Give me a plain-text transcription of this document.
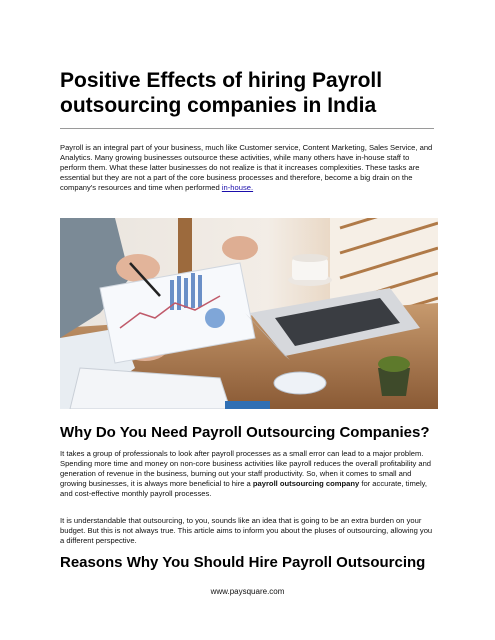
Positive Effects of hiring Payroll outsourcing companies in India

Payroll is an integral part of your business, much like Customer service, Content Marketing, Sales Service, and Analytics. Many growing businesses outsource these activities, while many others have in-house staff to perform them. What these latter businesses do not realize is that it increases complexities. These tasks are essential but they are not a part of the core business processes and therefore, become a big drain on the company's resources and time when performed in-house.

Why Do You Need Payroll Outsourcing Companies?

It takes a group of professionals to look after payroll processes as a small error can lead to a major problem. Spending more time and money on non-core business activities like payroll reduces the overall profitability and generation of revenue in the business, burning out your staff productivity. So, when it comes to small and growing businesses, it is always more beneficial to hire a payroll outsourcing company for accurate, timely, and cost-effective monthly payroll processes.

It is understandable that outsourcing, to you, sounds like an idea that is going to be an extra burden on your budget. But this is not always true. This article aims to inform you about the pluses of outsourcing, allowing you a different perspective.

Reasons Why You Should Hire Payroll Outsourcing
www.paysquare.com
